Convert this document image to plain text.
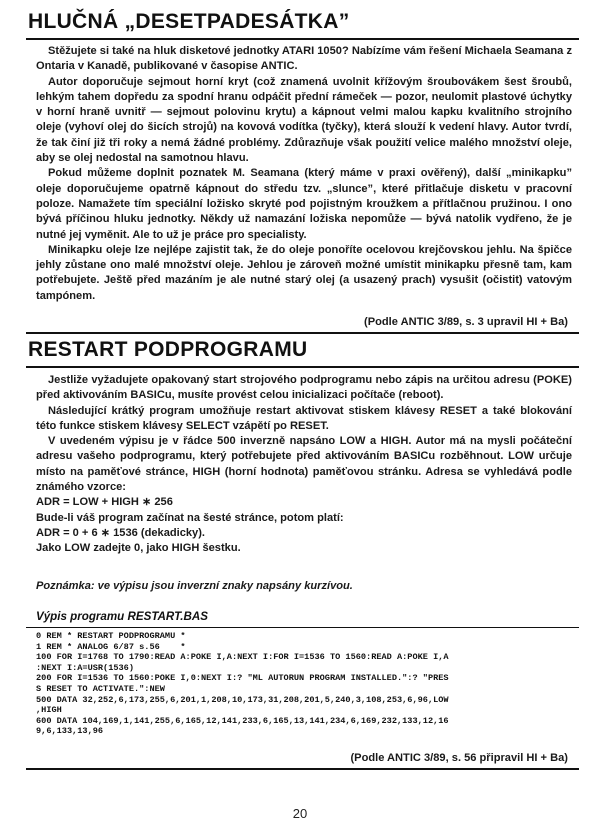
HLUČNÁ „DESETPADESÁTKA”

Stěžujete si také na hluk disketové jednotky ATARI 1050? Nabízíme vám řešení Michaela Seamana z Ontaria v Kanadě, publikované v časopise ANTIC.

Autor doporučuje sejmout horní kryt (což znamená uvolnit křížovým šroubovákem šest šroubů, lehkým tahem dopředu za spodní hranu odpáčit přední rámeček — pozor, neulomit plastové úchytky v horní hraně uvnitř — sejmout polovinu krytu) a kápnout velmi malou kapku kvalitního strojního oleje (vyhoví olej do šicích strojů) na kovová vodítka (tyčky), která slouží k vedení hlavy. Autor tvrdí, že tak činí již tři roky a nemá žádné problémy. Zdůrazňuje však použití velice malého množství oleje, aby se olej nedostal na samotnou hlavu.

Pokud můžeme doplnit poznatek M. Seamana (který máme v praxi ověřený), další „minikapku” oleje doporučujeme opatrně kápnout do středu tzv. „slunce”, které přitlačuje disketu v pracovní poloze. Namažete tím speciální ložisko skryté pod pojistným kroužkem a přítlačnou pružinou. I ono bývá příčinou hluku jednotky. Někdy už namazání ložiska nepomůže — bývá natolik vydřeno, že je nutné jej vyměnit. Ale to už je práce pro specialisty.

Minikapku oleje lze nejlépe zajistit tak, že do oleje ponoříte ocelovou krejčovskou jehlu. Na špičce jehly zůstane ono malé množství oleje. Jehlou je zároveň možné umístit minikapku přesně tam, kam potřebujete. Ještě před mazáním je ale nutné starý olej (a usazený prach) vysušit (očistit) vatovým tampónem.

(Podle ANTIC 3/89, s. 3 upravil HI + Ba)
RESTART PODPROGRAMU

Jestliže vyžadujete opakovaný start strojového podprogramu nebo zápis na určitou adresu (POKE) před aktivováním BASICu, musíte provést celou inicializaci počítače (reboot).

Následující krátký program umožňuje restart aktivovat stiskem klávesy RESET a také blokování této funkce stiskem klávesy SELECT vzápětí po RESET.

V uvedeném výpisu je v řádce 500 inverzně napsáno LOW a HIGH. Autor má na mysli počáteční adresu vašeho podprogramu, který potřebujete před aktivováním BASICu rozběhnout. LOW určuje místo na paměťové stránce, HIGH (horní hodnota) paměťovou stránku. Adresa se vyhledává podle známého vzorce:

ADR = LOW + HIGH ∗ 256

Bude-li váš program začínat na šesté stránce, potom platí:

ADR = 0 + 6 ∗ 1536 (dekadicky).

Jako LOW zadejte 0, jako HIGH šestku.

Poznámka: ve výpisu jsou inverzní znaky napsány kurzívou.
Výpis programu RESTART.BAS
0 REM * RESTART PODPROGRAMU *
1 REM * ANALOG 6/87 s.56    *
100 FOR I=1768 TO 1790:READ A:POKE I,A:NEXT I:FOR I=1536 TO 1560:READ A:POKE I,A
:NEXT I:A=USR(1536)
200 FOR I=1536 TO 1560:POKE I,0:NEXT I:? "ML AUTORUN PROGRAM INSTALLED.":? "PRES
S RESET TO ACTIVATE.":NEW
500 DATA 32,252,6,173,255,6,201,1,208,10,173,31,208,201,5,240,3,108,253,6,96,LOW
,HIGH
600 DATA 104,169,1,141,255,6,165,12,141,233,6,165,13,141,234,6,169,232,133,12,16
9,6,133,13,96
(Podle ANTIC 3/89, s. 56 připravil HI + Ba)
20
